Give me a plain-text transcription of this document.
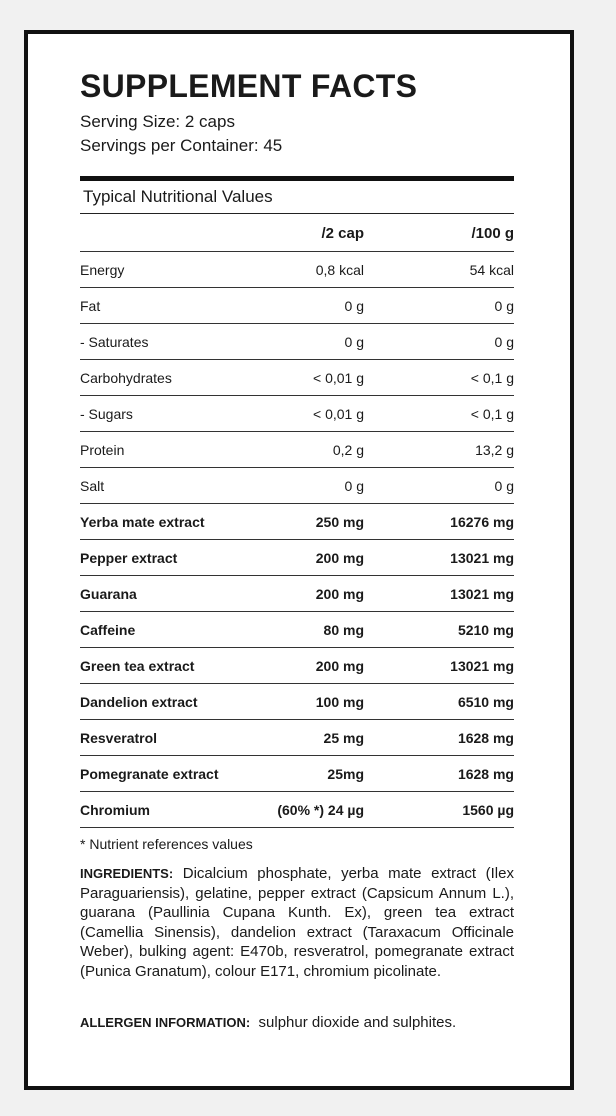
SUPPLEMENT FACTS
Serving Size: 2 caps
Servings per Container: 45
Typical Nutritional Values
	/2 cap	/100 g
Energy	0,8 kcal	54 kcal
Fat	0 g	0 g
- Saturates	0 g	0 g
Carbohydrates	< 0,01 g	< 0,1 g
- Sugars	< 0,01 g	< 0,1 g
Protein	0,2 g	13,2 g
Salt	0 g	0 g
Yerba mate extract	250 mg	16276 mg
Pepper extract	200 mg	13021 mg
Guarana	200 mg	13021 mg
Caffeine	80 mg	5210 mg
Green tea extract	200 mg	13021 mg
Dandelion extract	100 mg	6510 mg
Resveratrol	25 mg	1628 mg
Pomegranate extract	25mg	1628 mg
Chromium	(60% *) 24 µg	1560 µg
* Nutrient references values

INGREDIENTS: Dicalcium phosphate, yerba mate extract (Ilex Paraguariensis), gelatine, pepper extract (Capsicum Annum L.), guarana (Paullinia Cupana Kunth. Ex), green tea extract (Camellia Sinensis), dandelion extract (Taraxacum Officinale Weber), bulking agent: E470b, resveratrol, pomegranate extract (Punica Granatum), colour E171, chromium picolinate.

ALLERGEN INFORMATION: sulphur dioxide and sulphites.
